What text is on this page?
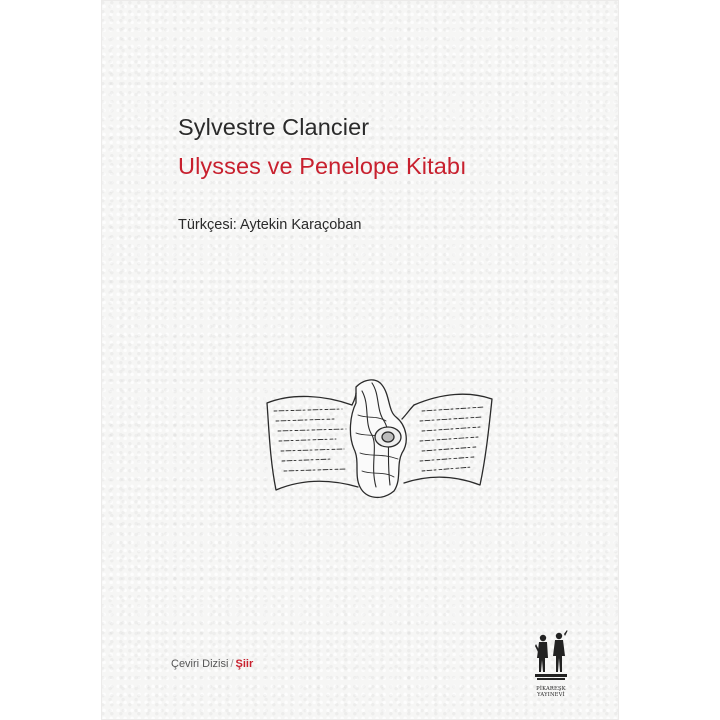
Sylvestre Clancier
Ulysses ve Penelope Kitabı

Türkçesi: Aytekin Karaçoban

Çeviri Dizisi / Şiir
PİKAREŞK
YAYINEVİ
